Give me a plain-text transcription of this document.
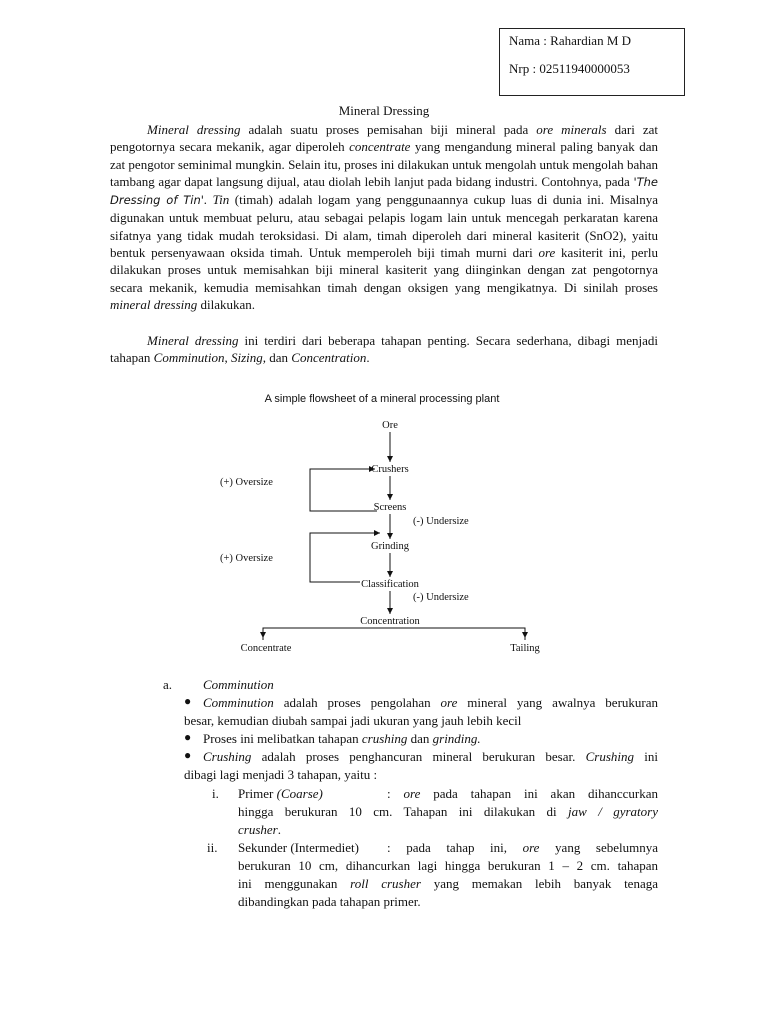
Nama : Rahardian M D
Nrp : 02511940000053
Mineral Dressing

Mineral dressing adalah suatu proses pemisahan biji mineral pada ore minerals dari zat pengotornya secara mekanik, agar diperoleh concentrate yang mengandung mineral paling banyak dan zat pengotor seminimal mungkin. Selain itu, proses ini dilakukan untuk mengolah untuk mengolah bahan tambang agar dapat langsung dijual, atau diolah lebih lanjut pada bidang industri. Contohnya, pada 'The Dressing of Tin'. Tin (timah) adalah logam yang penggunaannya cukup luas di dunia ini. Misalnya digunakan untuk membuat peluru, atau sebagai pelapis logam lain untuk mencegah perkaratan karena sifatnya yang tidak mudah teroksidasi. Di alam, timah diperoleh dari mineral kasiterit (SnO2), yaitu bentuk persenyawaan oksida timah. Untuk memperoleh biji timah murni dari ore kasiterit ini, perlu dilakukan proses untuk memisahkan biji mineral kasiterit yang diinginkan dengan zat pengotornya secara mekanik, kemudia memisahkan timah dengan oksigen yang mengikatnya. Di sinilah proses mineral dressing dilakukan.

Mineral dressing ini terdiri dari beberapa tahapan penting. Secara sederhana, dibagi menjadi tahapan Comminution, Sizing, dan Concentration.

A simple flowsheet of a mineral processing plant
Ore
Crushers
(+) Oversize
Screens
(-) Undersize
Grinding
(+) Oversize
Classification
(-) Undersize
Concentration
Concentrate	Tailing
a. Comminution
● Comminution adalah proses pengolahan ore mineral yang awalnya berukuran
besar, kemudian diubah sampai jadi ukuran yang jauh lebih kecil
● Proses ini melibatkan tahapan crushing dan grinding.
● Crushing adalah proses penghancuran mineral berukuran besar. Crushing ini
dibagi lagi menjadi 3 tahapan, yaitu :
i. Primer (Coarse)	: ore pada tahapan ini akan dihanccurkan
hingga berukuran 10 cm. Tahapan ini dilakukan di jaw / gyratory
crusher.
ii. Sekunder (Intermediet) : pada tahap ini, ore yang sebelumnya
berukuran 10 cm, dihancurkan lagi hingga berukuran 1 – 2 cm. tahapan
ini menggunakan roll crusher yang memakan lebih banyak tenaga
dibandingkan pada tahapan primer.
